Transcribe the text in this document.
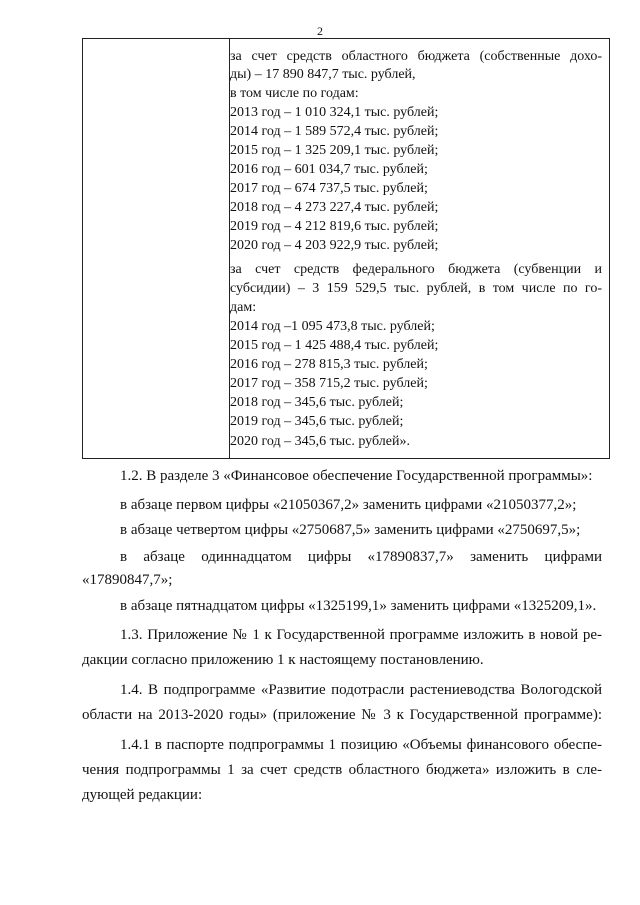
2
за счет средств областного бюджета (собственные дохо-
ды) – 17 890 847,7 тыс. рублей,
в том числе по годам:
2013 год – 1 010 324,1 тыс. рублей;
2014 год – 1 589 572,4 тыс. рублей;
2015 год – 1 325 209,1 тыс. рублей;
2016 год – 601 034,7 тыс. рублей;
2017 год – 674 737,5 тыс. рублей;
2018 год – 4 273 227,4 тыс. рублей;
2019 год – 4 212 819,6 тыс. рублей;
2020 год – 4 203 922,9 тыс. рублей;
за счет средств федерального бюджета (субвенции и
субсидии) – 3 159 529,5 тыс. рублей, в том числе по го-
дам:
2014 год –1 095 473,8 тыс. рублей;
2015 год – 1 425 488,4 тыс. рублей;
2016 год – 278 815,3 тыс. рублей;
2017 год – 358 715,2 тыс. рублей;
2018 год – 345,6 тыс. рублей;
2019 год – 345,6 тыс. рублей;
2020 год – 345,6 тыс. рублей».
1.2. В разделе 3 «Финансовое обеспечение Государственной программы»:
в абзаце первом цифры «21050367,2» заменить цифрами «21050377,2»;
в абзаце четвертом цифры «2750687,5» заменить цифрами «2750697,5»;
в абзаце одиннадцатом цифры «17890837,7» заменить цифрами
«17890847,7»;
в абзаце пятнадцатом цифры «1325199,1» заменить цифрами «1325209,1».
1.3. Приложение № 1 к Государственной программе изложить в новой ре-
дакции согласно приложению 1 к настоящему постановлению.
1.4. В подпрограмме «Развитие подотрасли растениеводства Вологодской
области на 2013-2020 годы» (приложение № 3 к Государственной программе):
1.4.1 в паспорте подпрограммы 1 позицию «Объемы финансового обеспе-
чения подпрограммы 1 за счет средств областного бюджета» изложить в сле-
дующей редакции:
